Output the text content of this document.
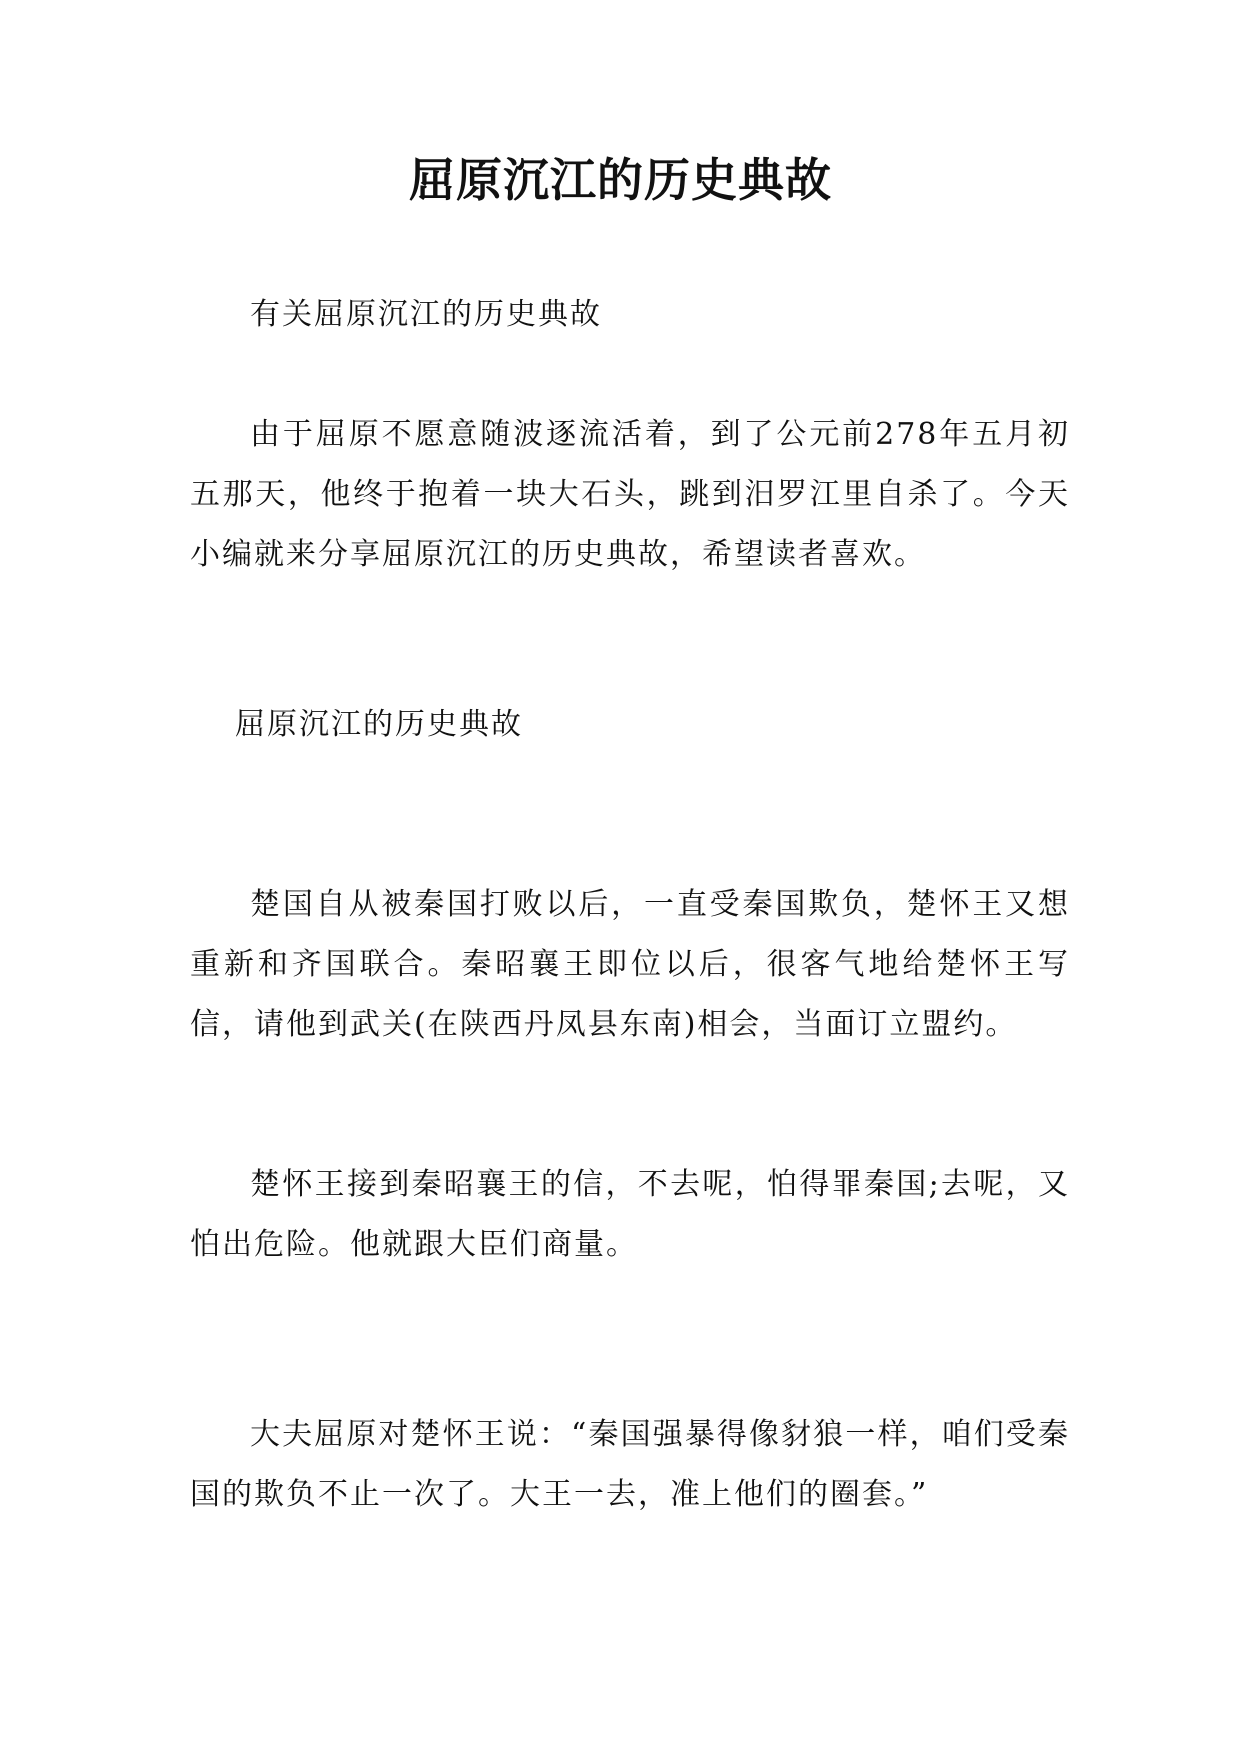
屈原沉江的历史典故

有关屈原沉江的历史典故

由于屈原不愿意随波逐流活着，到了公元前278年五月初五那天，他终于抱着一块大石头，跳到汨罗江里自杀了。今天小编就来分享屈原沉江的历史典故，希望读者喜欢。

屈原沉江的历史典故

楚国自从被秦国打败以后，一直受秦国欺负，楚怀王又想重新和齐国联合。秦昭襄王即位以后，很客气地给楚怀王写信，请他到武关(在陕西丹凤县东南)相会，当面订立盟约。

楚怀王接到秦昭襄王的信，不去呢，怕得罪秦国;去呢，又怕出危险。他就跟大臣们商量。

大夫屈原对楚怀王说：“秦国强暴得像豺狼一样，咱们受秦国的欺负不止一次了。大王一去，准上他们的圈套。”
